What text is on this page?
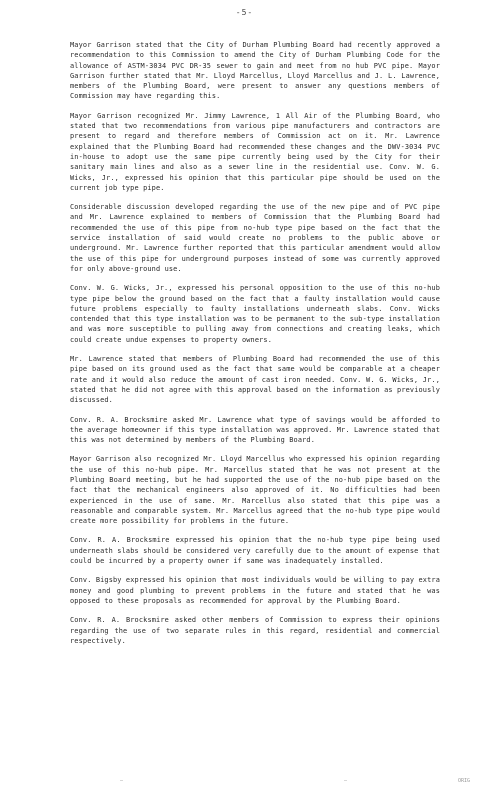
-5-

Mayor Garrison stated that the City of Durham Plumbing Board had recently approved a recommendation to this Commission to amend the City of Durham Plumbing Code for the allowance of ASTM-3034 PVC DR-35 sewer to gain and meet from no hub PVC pipe. Mayor Garrison further stated that Mr. Lloyd Marcellus, Lloyd Marcellus and J. L. Lawrence, members of the Plumbing Board, were present to answer any questions members of Commission may have regarding this.

Mayor Garrison recognized Mr. Jimmy Lawrence, 1 All Air of the Plumbing Board, who stated that two recommendations from various pipe manufacturers and contractors are present to regard and therefore members of Commission act on it. Mr. Lawrence explained that the Plumbing Board had recommended these changes and the DWV-3034 PVC in-house to adopt use the same pipe currently being used by the City for their sanitary main lines and also as a sewer line in the residential use. Conv. W. G. Wicks, Jr., expressed his opinion that this particular pipe should be used on the current job type pipe.

Considerable discussion developed regarding the use of the new pipe and of PVC pipe and Mr. Lawrence explained to members of Commission that the Plumbing Board had recommended the use of this pipe from no-hub type pipe based on the fact that the service installation of said would create no problems to the public above or underground. Mr. Lawrence further reported that this particular amendment would allow the use of this pipe for underground purposes instead of some was currently approved for only above-ground use.

Conv. W. G. Wicks, Jr., expressed his personal opposition to the use of this no-hub type pipe below the ground based on the fact that a faulty installation would cause future problems especially to faulty installations underneath slabs. Conv. Wicks contended that this type installation was to be permanent to the sub-type installation and was more susceptible to pulling away from connections and creating leaks, which could create undue expenses to property owners.

Mr. Lawrence stated that members of Plumbing Board had recommended the use of this pipe based on its ground used as the fact that same would be comparable at a cheaper rate and it would also reduce the amount of cast iron needed. Conv. W. G. Wicks, Jr., stated that he did not agree with this approval based on the information as previously discussed.

Conv. R. A. Brocksmire asked Mr. Lawrence what type of savings would be afforded to the average homeowner if this type installation was approved. Mr. Lawrence stated that this was not determined by members of the Plumbing Board.

Mayor Garrison also recognized Mr. Lloyd Marcellus who expressed his opinion regarding the use of this no-hub pipe. Mr. Marcellus stated that he was not present at the Plumbing Board meeting, but he had supported the use of the no-hub pipe based on the fact that the mechanical engineers also approved of it. No difficulties had been experienced in the use of same. Mr. Marcellus also stated that this pipe was a reasonable and comparable system. Mr. Marcellus agreed that the no-hub type pipe would create more possibility for problems in the future.

Conv. R. A. Brocksmire expressed his opinion that the no-hub type pipe being used underneath slabs should be considered very carefully due to the amount of expense that could be incurred by a property owner if same was inadequately installed.

Conv. Bigsby expressed his opinion that most individuals would be willing to pay extra money and good plumbing to prevent problems in the future and stated that he was opposed to these proposals as recommended for approval by the Plumbing Board.

Conv. R. A. Brocksmire asked other members of Commission to express their opinions regarding the use of two separate rules in this regard, residential and commercial respectively.

—	—	ORIG
